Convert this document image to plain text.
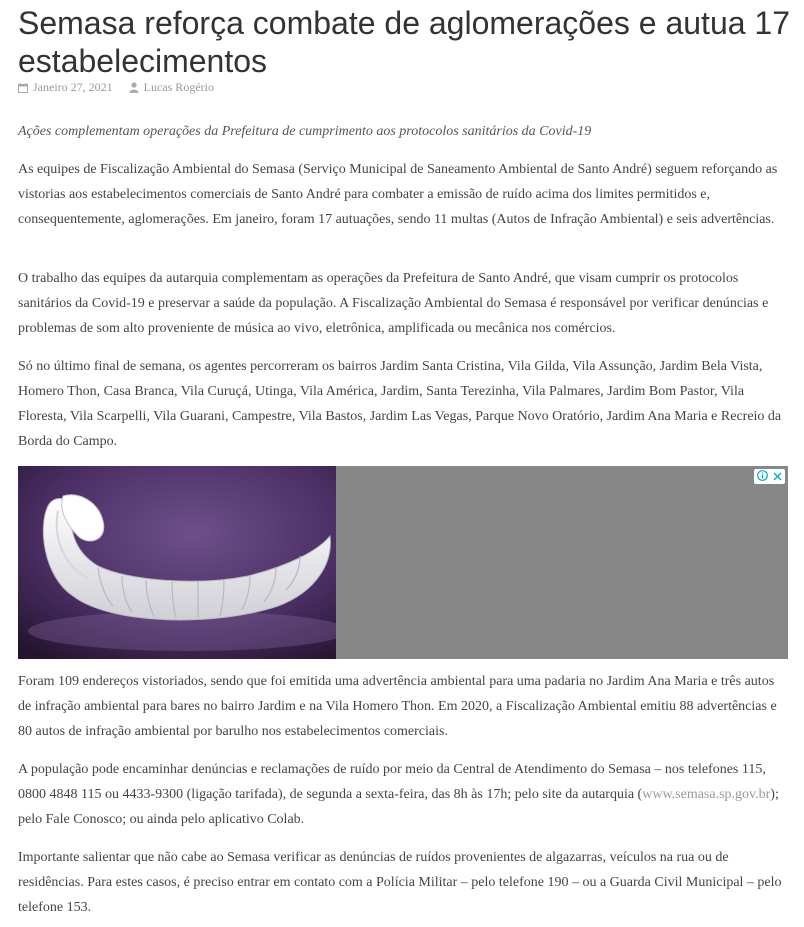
Semasa reforça combate de aglomerações e autua 17 estabelecimentos
Janeiro 27, 2021	Lucas Rogério

Ações complementam operações da Prefeitura de cumprimento aos protocolos sanitários da Covid-19

As equipes de Fiscalização Ambiental do Semasa (Serviço Municipal de Saneamento Ambiental de Santo André) seguem reforçando as vistorias aos estabelecimentos comerciais de Santo André para combater a emissão de ruído acima dos limites permitidos e, consequentemente, aglomerações. Em janeiro, foram 17 autuações, sendo 11 multas (Autos de Infração Ambiental) e seis advertências.

O trabalho das equipes da autarquia complementam as operações da Prefeitura de Santo André, que visam cumprir os protocolos sanitários da Covid-19 e preservar a saúde da população. A Fiscalização Ambiental do Semasa é responsável por verificar denúncias e problemas de som alto proveniente de música ao vivo, eletrônica, amplificada ou mecânica nos comércios.

Só no último final de semana, os agentes percorreram os bairros Jardim Santa Cristina, Vila Gilda, Vila Assunção, Jardim Bela Vista, Homero Thon, Casa Branca, Vila Curuçá, Utinga, Vila América, Jardim, Santa Terezinha, Vila Palmares, Jardim Bom Pastor, Vila Floresta, Vila Scarpelli, Vila Guarani, Campestre, Vila Bastos, Jardim Las Vegas, Parque Novo Oratório, Jardim Ana Maria e Recreio da Borda do Campo.

Foram 109 endereços vistoriados, sendo que foi emitida uma advertência ambiental para uma padaria no Jardim Ana Maria e três autos de infração ambiental para bares no bairro Jardim e na Vila Homero Thon. Em 2020, a Fiscalização Ambiental emitiu 88 advertências e 80 autos de infração ambiental por barulho nos estabelecimentos comerciais.

A população pode encaminhar denúncias e reclamações de ruído por meio da Central de Atendimento do Semasa – nos telefones 115, 0800 4848 115 ou 4433-9300 (ligação tarifada), de segunda a sexta-feira, das 8h às 17h; pelo site da autarquia (www.semasa.sp.gov.br); pelo Fale Conosco; ou ainda pelo aplicativo Colab.

Importante salientar que não cabe ao Semasa verificar as denúncias de ruídos provenientes de algazarras, veículos na rua ou de residências. Para estes casos, é preciso entrar em contato com a Polícia Militar – pelo telefone 190 – ou a Guarda Civil Municipal – pelo telefone 153.
